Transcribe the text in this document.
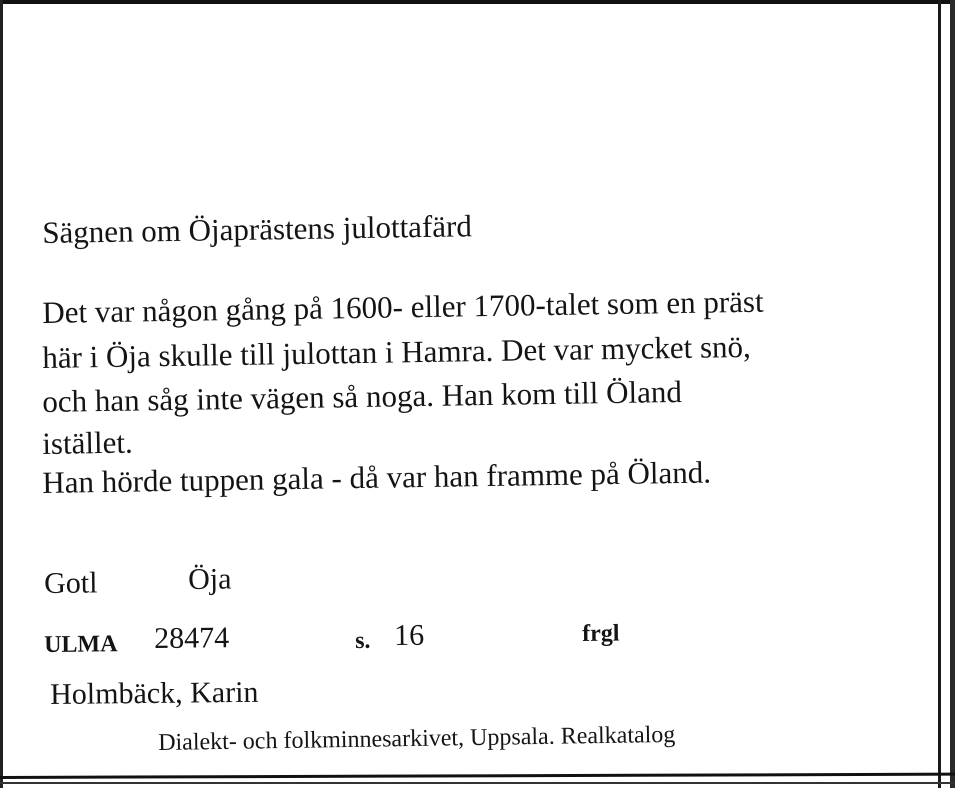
Sägnen om Öjaprästens julottafärd
Det var någon gång på 1600- eller 1700-talet som en präst
här i Öja skulle till julottan i Hamra. Det var mycket snö,
och han såg inte vägen så noga. Han kom till Öland
istället.
Han hörde tuppen gala - då var han framme på Öland.
Gotl	Öja
ULMA 28474	s. 16	frgl
Holmbäck, Karin
Dialekt- och folkminnesarkivet, Uppsala. Realkatalog
